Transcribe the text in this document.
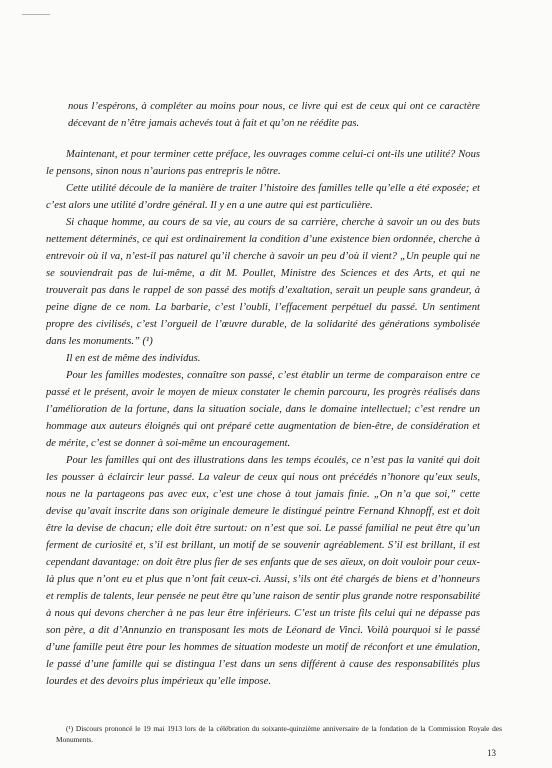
nous l’espérons, à compléter au moins pour nous, ce livre qui est de ceux qui ont ce caractère décevant de n’être jamais achevés tout à fait et qu’on ne réédite pas.

Maintenant, et pour terminer cette préface, les ouvrages comme celui-ci ont-ils une utilité? Nous le pensons, sinon nous n’aurions pas entrepris le nôtre.

Cette utilité découle de la manière de traiter l’histoire des familles telle qu’elle a été exposée; et c’est alors une utilité d’ordre général. Il y en a une autre qui est particulière.

Si chaque homme, au cours de sa vie, au cours de sa carrière, cherche à savoir un ou des buts nettement déterminés, ce qui est ordinairement la condition d’une existence bien ordonnée, cherche à entrevoir où il va, n’est-il pas naturel qu’il cherche à savoir un peu d’où il vient? „Un peuple qui ne se souviendrait pas de lui-même, a dit M. Poullet, Ministre des Sciences et des Arts, et qui ne trouverait pas dans le rappel de son passé des motifs d’exaltation, serait un peuple sans grandeur, à peine digne de ce nom. La barbarie, c’est l’oubli, l’effacement perpétuel du passé. Un sentiment propre des civilisés, c’est l’orgueil de l’œuvre durable, de la solidarité des générations symbolisée dans les monuments.” (¹)

Il en est de même des individus.

Pour les familles modestes, connaître son passé, c’est établir un terme de comparaison entre ce passé et le présent, avoir le moyen de mieux constater le chemin parcouru, les progrès réalisés dans l’amélioration de la fortune, dans la situation sociale, dans le domaine intellectuel; c’est rendre un hommage aux auteurs éloignés qui ont préparé cette augmentation de bien-être, de considération et de mérite, c’est se donner à soi-même un encouragement.

Pour les familles qui ont des illustrations dans les temps écoulés, ce n’est pas la vanité qui doit les pousser à éclaircir leur passé. La valeur de ceux qui nous ont précédés n’honore qu’eux seuls, nous ne la partageons pas avec eux, c’est une chose à tout jamais finie. „On n’a que soi,” cette devise qu’avait inscrite dans son originale demeure le distingué peintre Fernand Khnopff, est et doit être la devise de chacun; elle doit être surtout: on n’est que soi. Le passé familial ne peut être qu’un ferment de curiosité et, s’il est brillant, un motif de se souvenir agréablement. S’il est brillant, il est cependant davantage: on doit être plus fier de ses enfants que de ses aïeux, on doit vouloir pour ceux-là plus que n’ont eu et plus que n’ont fait ceux-ci. Aussi, s’ils ont été chargés de biens et d’honneurs et remplis de talents, leur pensée ne peut être qu’une raison de sentir plus grande notre responsabilité à nous qui devons chercher à ne pas leur être inférieurs. C’est un triste fils celui qui ne dépasse pas son père, a dit d’Annunzio en transposant les mots de Léonard de Vinci. Voilà pourquoi si le passé d’une famille peut être pour les hommes de situation modeste un motif de réconfort et une émulation, le passé d’une famille qui se distingua l’est dans un sens différent à cause des responsabilités plus lourdes et des devoirs plus impérieux qu’elle impose.

(¹) Discours prononcé le 19 mai 1913 lors de la célébration du soixante-quinzième anniversaire de la fondation de la Commission Royale des Monuments.

13
